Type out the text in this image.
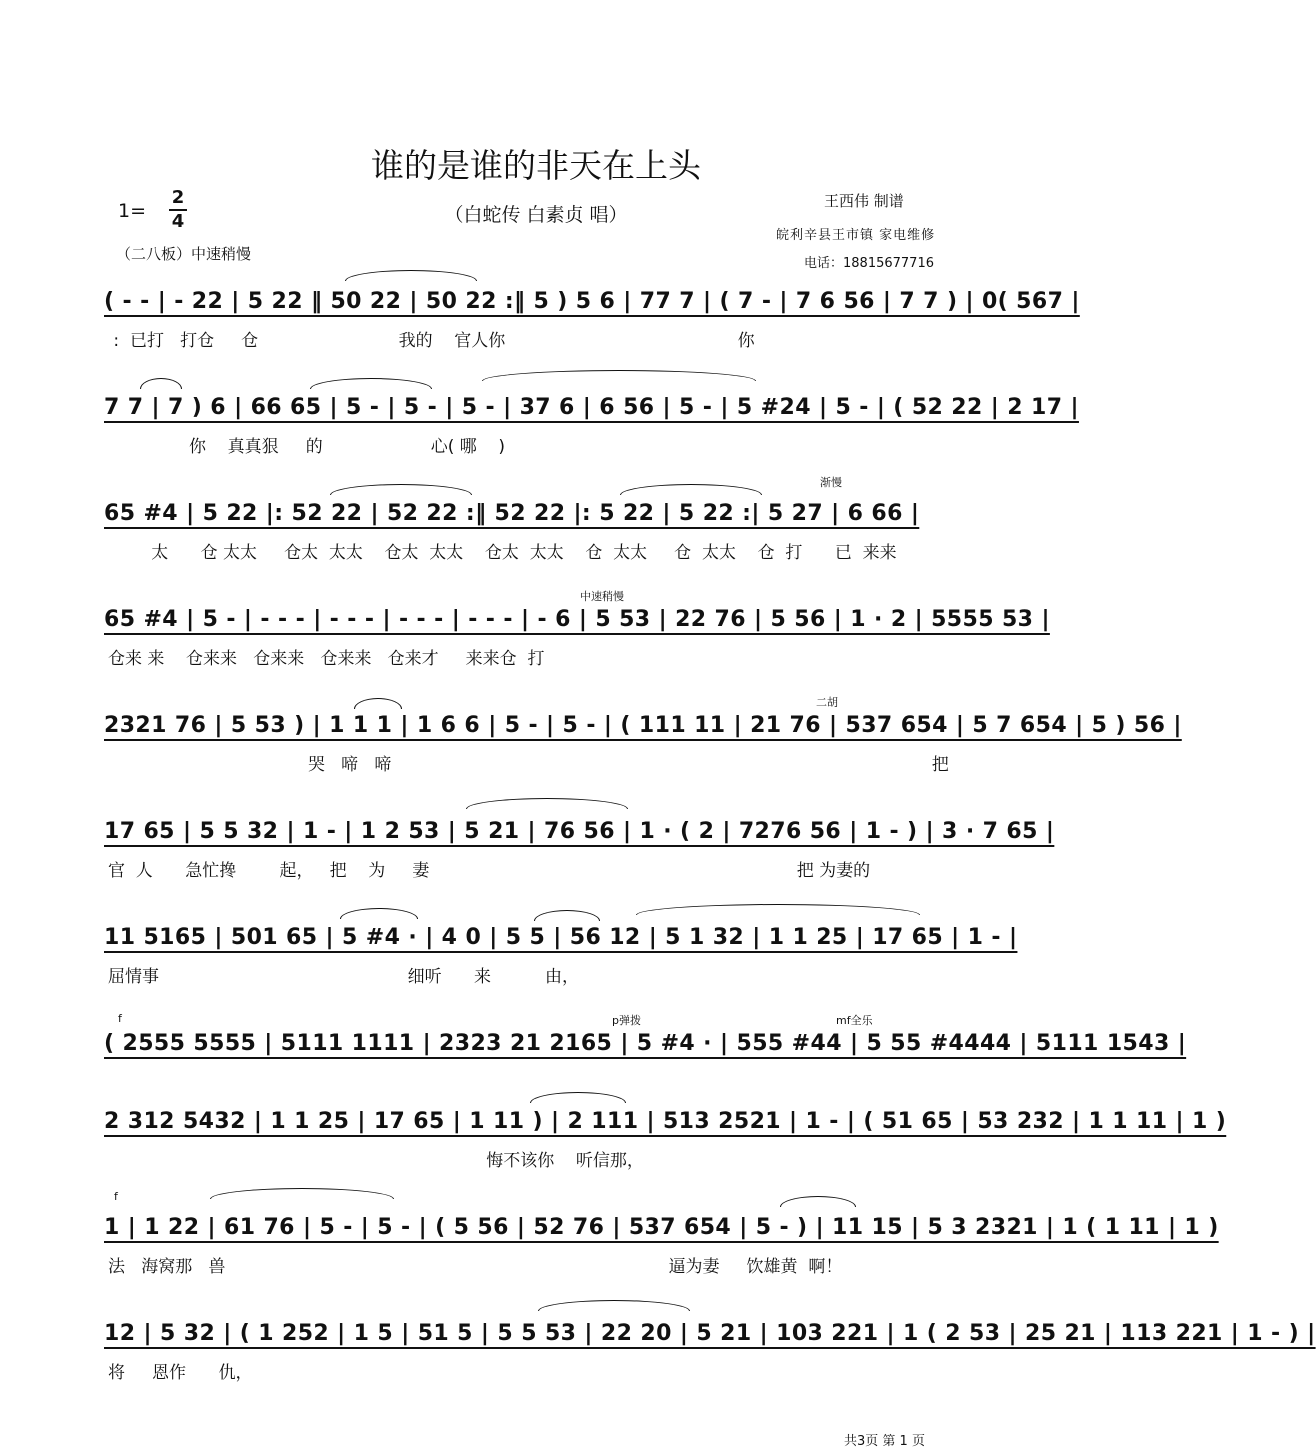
谁的是谁的非天在上头
（白蛇传 白素贞 唱）
1=
2
4
（二八板）中速稍慢
王西伟 制谱
皖利辛县王市镇 家电维修
电话：18815677716
( - - | - 22 | 5 22 ‖ 50 22 | 50 22 :‖ 5 ) 5 6 | 77 7 | ( 7 - | 7 6 56 | 7 7 ) | 0( 567 |
:  已打   打仓     仓                          我的    官人你                                           你
7 7 | 7 ) 6 | 66 65 | 5 - | 5 - | 5 - | 37 6 | 6 56 | 5 - | 5 #24 | 5 - | ( 52 22 | 2 17 |
你    真真狠     的                    心( 哪    )
渐慢
65 #4 | 5 22 |: 52 22 | 52 22 :‖ 52 22 |: 5 22 | 5 22 :| 5 27 | 6 66 |
太      仓 太太     仓太  太太    仓太  太太    仓太  太太    仓  太太     仓  太太    仓  打      已  来来
中速稍慢
65 #4 | 5 - | - - - | - - - | - - - | - - - | - 6 | 5 53 | 22 76 | 5 56 | 1 · 2 | 5555 53 |
仓来 来    仓来来   仓来来   仓来来   仓来才     来来仓  打
二胡
2321 76 | 5 53 ) | 1 1 1 | 1 6 6 | 5 - | 5 - | ( 111 11 | 21 76 | 537 654 | 5 7 654 | 5 ) 56 |
哭   啼   啼                                                                                                    把
17 65 | 5 5 32 | 1 - | 1 2 53 | 5 21 | 76 56 | 1 · ( 2 | 7276 56 | 1 - ) | 3 · 7 65 |
官  人      急忙搀        起，   把    为     妻                                                                    把 为妻的
11 5165 | 501 65 | 5 #4 · | 4 0 | 5 5 | 56 12 | 5 1 32 | 1 1 25 | 17 65 | 1 - |
屈情事                                              细听      来          由，
f	p弹拨	mf全乐
( 2555 5555 | 5111 1111 | 2323 21 2165 | 5 #4 · | 555 #44 | 5 55 #4444 | 5111 1543 |
2 312 5432 | 1 1 25 | 17 65 | 1 11 ) | 2 111 | 513 2521 | 1 - | ( 51 65 | 53 232 | 1 1 11 | 1 )
悔不该你    听信那，
f
1 | 1 22 | 61 76 | 5 - | 5 - | ( 5 56 | 52 76 | 537 654 | 5 - ) | 11 15 | 5 3 2321 | 1 ( 1 11 | 1 )
法   海窝那   兽                                                                                  逼为妻     饮雄黄  啊！
12 | 5 32 | ( 1 252 | 1 5 | 51 5 | 5 5 53 | 22 20 | 5 21 | 103 221 | 1 ( 2 53 | 25 21 | 113 221 | 1 - ) |
将     恩作      仇，
共3页 第 1 页
